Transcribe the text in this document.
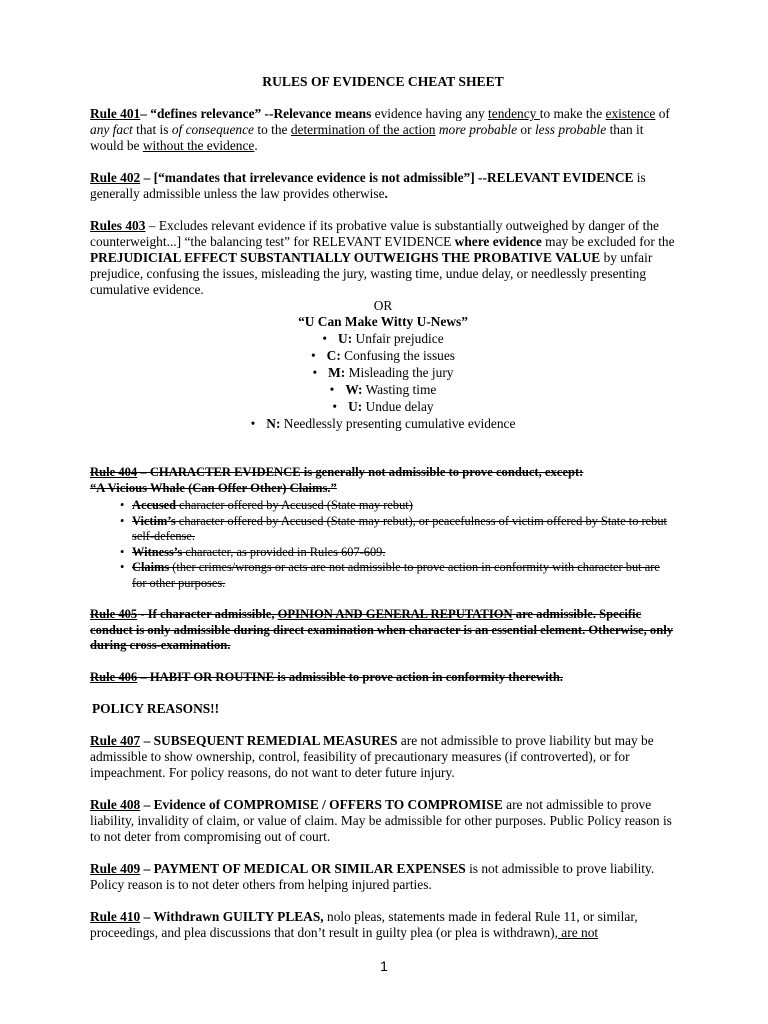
RULES OF EVIDENCE CHEAT SHEET

Rule 401– “defines relevance” --Relevance means evidence having any tendency to make the existence of any fact that is of consequence to the determination of the action more probable or less probable than it would be without the evidence.

Rule 402 – [“mandates that irrelevance evidence is not admissible”] --RELEVANT EVIDENCE is generally admissible unless the law provides otherwise.

Rules 403 – Excludes relevant evidence if its probative value is substantially outweighed by danger of the counterweight...] “the balancing test” for RELEVANT EVIDENCE where evidence may be excluded for the PREJUDICIAL EFFECT SUBSTANTIALLY OUTWEIGHS THE PROBATIVE VALUE by unfair prejudice, confusing the issues, misleading the jury, wasting time, undue delay, or needlessly presenting cumulative evidence.

OR
“U Can Make Witty U-News”
• U: Unfair prejudice
• C: Confusing the issues
• M: Misleading the jury
• W: Wasting time
• U: Undue delay
• N: Needlessly presenting cumulative evidence
Rule 404 – CHARACTER EVIDENCE is generally not admissible to prove conduct, except:
“A Vicious Whale (Can Offer Other) Claims.”
• Accused character offered by Accused (State may rebut)
• Victim’s character offered by Accused (State may rebut), or peacefulness of victim offered by State to rebut self-defense.
• Witness’s character, as provided in Rules 607-609.
• Claims (ther crimes/wrongs or acts are not admissible to prove action in conformity with character but are for other purposes.

Rule 405 - If character admissible, OPINION AND GENERAL REPUTATION are admissible. Specific conduct is only admissible during direct examination when character is an essential element. Otherwise, only during cross-examination.

Rule 406 – HABIT OR ROUTINE is admissible to prove action in conformity therewith.

POLICY REASONS!!

Rule 407 – SUBSEQUENT REMEDIAL MEASURES are not admissible to prove liability but may be admissible to show ownership, control, feasibility of precautionary measures (if controverted), or for impeachment. For policy reasons, do not want to deter future injury.

Rule 408 – Evidence of COMPROMISE / OFFERS TO COMPROMISE are not admissible to prove liability, invalidity of claim, or value of claim. May be admissible for other purposes. Public Policy reason is to not deter from compromising out of court.

Rule 409 – PAYMENT OF MEDICAL OR SIMILAR EXPENSES is not admissible to prove liability. Policy reason is to not deter others from helping injured parties.

Rule 410 – Withdrawn GUILTY PLEAS, nolo pleas, statements made in federal Rule 11, or similar, proceedings, and plea discussions that don’t result in guilty plea (or plea is withdrawn), are not

1
